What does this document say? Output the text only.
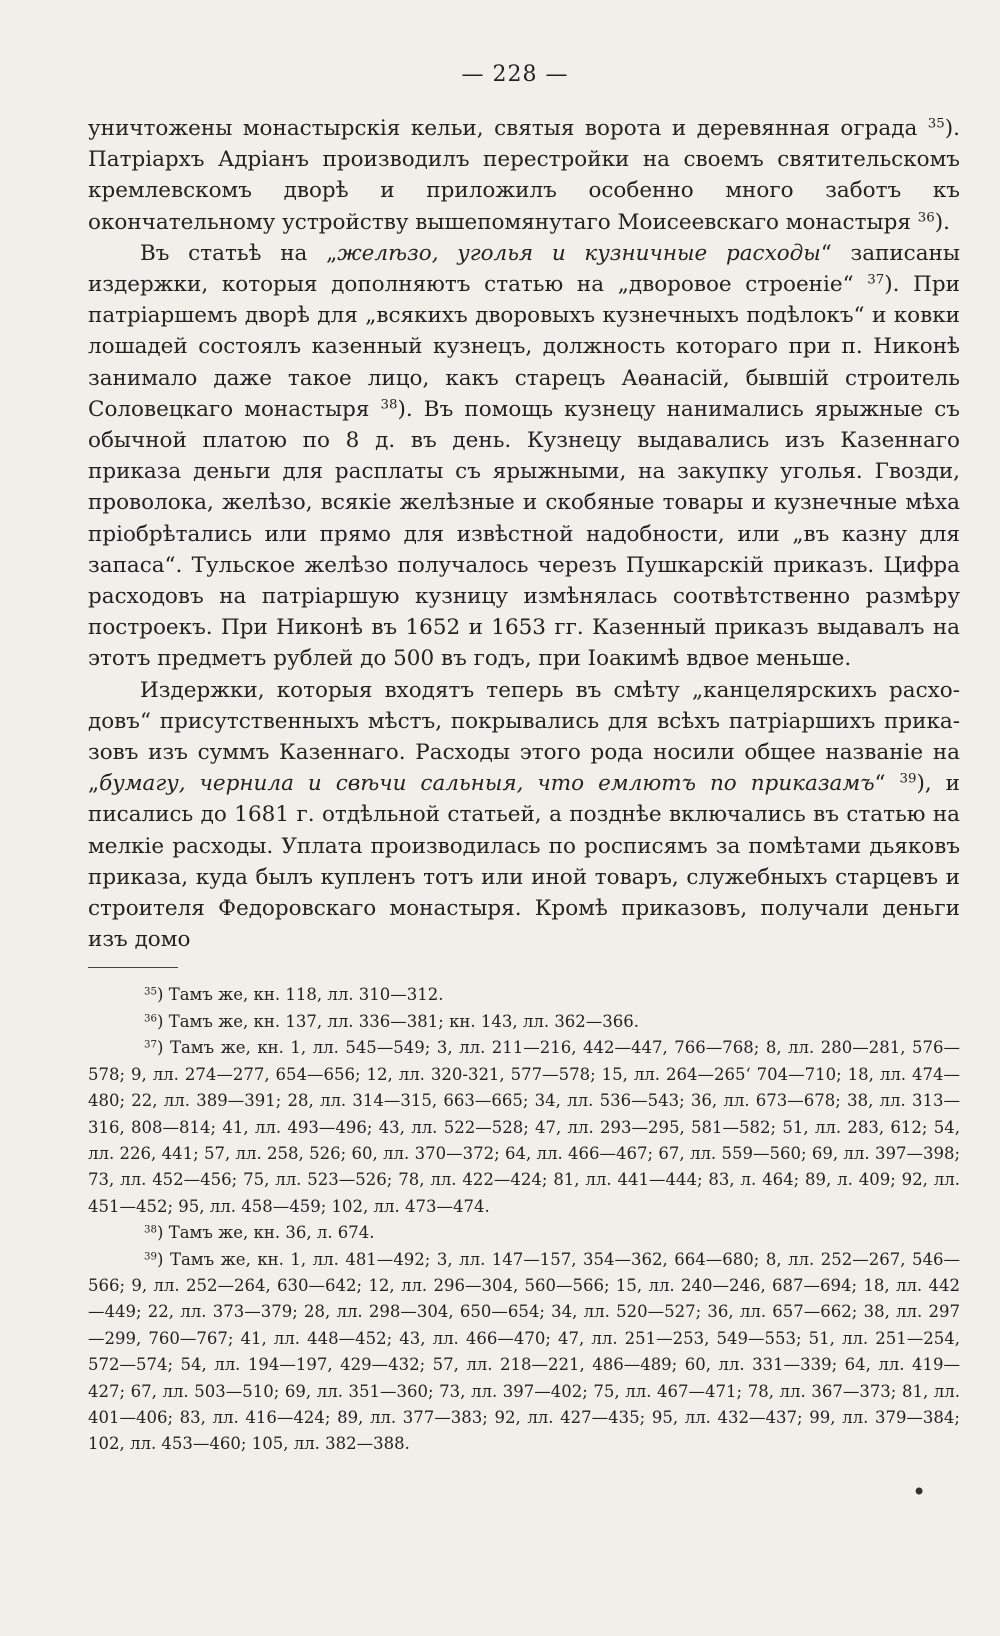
— 228 —

уничтожены монастырскія кельи, святыя ворота и деревянная ограда $^{35}$). Патріархъ Адріанъ производилъ перестройки на своемъ святительскомъ кремлевскомъ дворѣ и приложилъ особенно много заботъ къ окончательному устройству вышепомянутаго Моисеевскаго монастыря $^{36}$).

Въ статьѣ на „желѣзо, уголья и кузничные расходы“ записаны издержки, которыя дополняютъ статью на „дворовое строеніе“ $^{37}$). При патріаршемъ дворѣ для „всякихъ дворовыхъ кузнечныхъ подѣлокъ“ и ковки лошадей состоялъ казенный кузнецъ, должность котораго при п. Никонѣ занимало даже такое лицо, какъ старецъ Аѳанасій, бывшій строитель Соловецкаго монастыря $^{38}$). Въ помощь кузнецу нанимались ярыжные съ обычной платою по 8 д. въ день. Кузнецу выдавались изъ Казеннаго приказа деньги для расплаты съ ярыжными, на закупку уголья. Гвозди, проволока, желѣзо, всякіе желѣзные и скобяные товары и кузнечные мѣха пріобрѣтались или прямо для извѣстной надобности, или „въ казну для запаса“. Тульское желѣзо получалось черезъ Пушкарскій приказъ. Цифра расходовъ на патріаршую кузницу измѣнялась соотвѣтственно размѣру построекъ. При Никонѣ въ 1652 и 1653 гг. Казенный приказъ выдавалъ на этотъ предметъ рублей до 500 въ годъ, при Іоакимѣ вдвое меньше.

Издержки, которыя входятъ теперь въ смѣту „канцелярскихъ расходовъ“ присутственныхъ мѣстъ, покрывались для всѣхъ патріаршихъ приказовъ изъ суммъ Казеннаго. Расходы этого рода носили общее названіе на „бумагу, чернила и свѣчи сальныя, что емлютъ по приказамъ“ $^{39}$), и писались до 1681 г. отдѣльной статьей, а позднѣе включались въ статью на мелкіе расходы. Уплата производилась по росписямъ за помѣтами дьяковъ приказа, куда былъ купленъ тотъ или иной товаръ, служебныхъ старцевъ и строителя Федоровскаго монастыря. Кромѣ приказовъ, получали деньги изъ домо

$^{35}$) Тамъ же, кн. 118, лл. 310—312.

$^{36}$) Тамъ же, кн. 137, лл. 336—381; кн. 143, лл. 362—366.

$^{37}$) Тамъ же, кн. 1, лл. 545—549; 3, лл. 211—216, 442—447, 766—768; 8, лл. 280—281, 576—578; 9, лл. 274—277, 654—656; 12, лл. 320-321, 577—578; 15, лл. 264—265‘ 704—710; 18, лл. 474—480; 22, лл. 389—391; 28, лл. 314—315, 663—665; 34, лл. 536—543; 36, лл. 673—678; 38, лл. 313—316, 808—814; 41, лл. 493—496; 43, лл. 522—528; 47, лл. 293—295, 581—582; 51, лл. 283, 612; 54, лл. 226, 441; 57, лл. 258, 526; 60, лл. 370—372; 64, лл. 466—467; 67, лл. 559—560; 69, лл. 397—398; 73, лл. 452—456; 75, лл. 523—526; 78, лл. 422—424; 81, лл. 441—444; 83, л. 464; 89, л. 409; 92, лл. 451—452; 95, лл. 458—459; 102, лл. 473—474.

$^{38}$) Тамъ же, кн. 36, л. 674.

$^{39}$) Тамъ же, кн. 1, лл. 481—492; 3, лл. 147—157, 354—362, 664—680; 8, лл. 252—267, 546—566; 9, лл. 252—264, 630—642; 12, лл. 296—304, 560—566; 15, лл. 240—246, 687—694; 18, лл. 442—449; 22, лл. 373—379; 28, лл. 298—304, 650—654; 34, лл. 520—527; 36, лл. 657—662; 38, лл. 297—299, 760—767; 41, лл. 448—452; 43, лл. 466—470; 47, лл. 251—253, 549—553; 51, лл. 251—254, 572—574; 54, лл. 194—197, 429—432; 57, лл. 218—221, 486—489; 60, лл. 331—339; 64, лл. 419—427; 67, лл. 503—510; 69, лл. 351—360; 73, лл. 397—402; 75, лл. 467—471; 78, лл. 367—373; 81, лл. 401—406; 83, лл. 416—424; 89, лл. 377—383; 92, лл. 427—435; 95, лл. 432—437; 99, лл. 379—384; 102, лл. 453—460; 105, лл. 382—388.

•
